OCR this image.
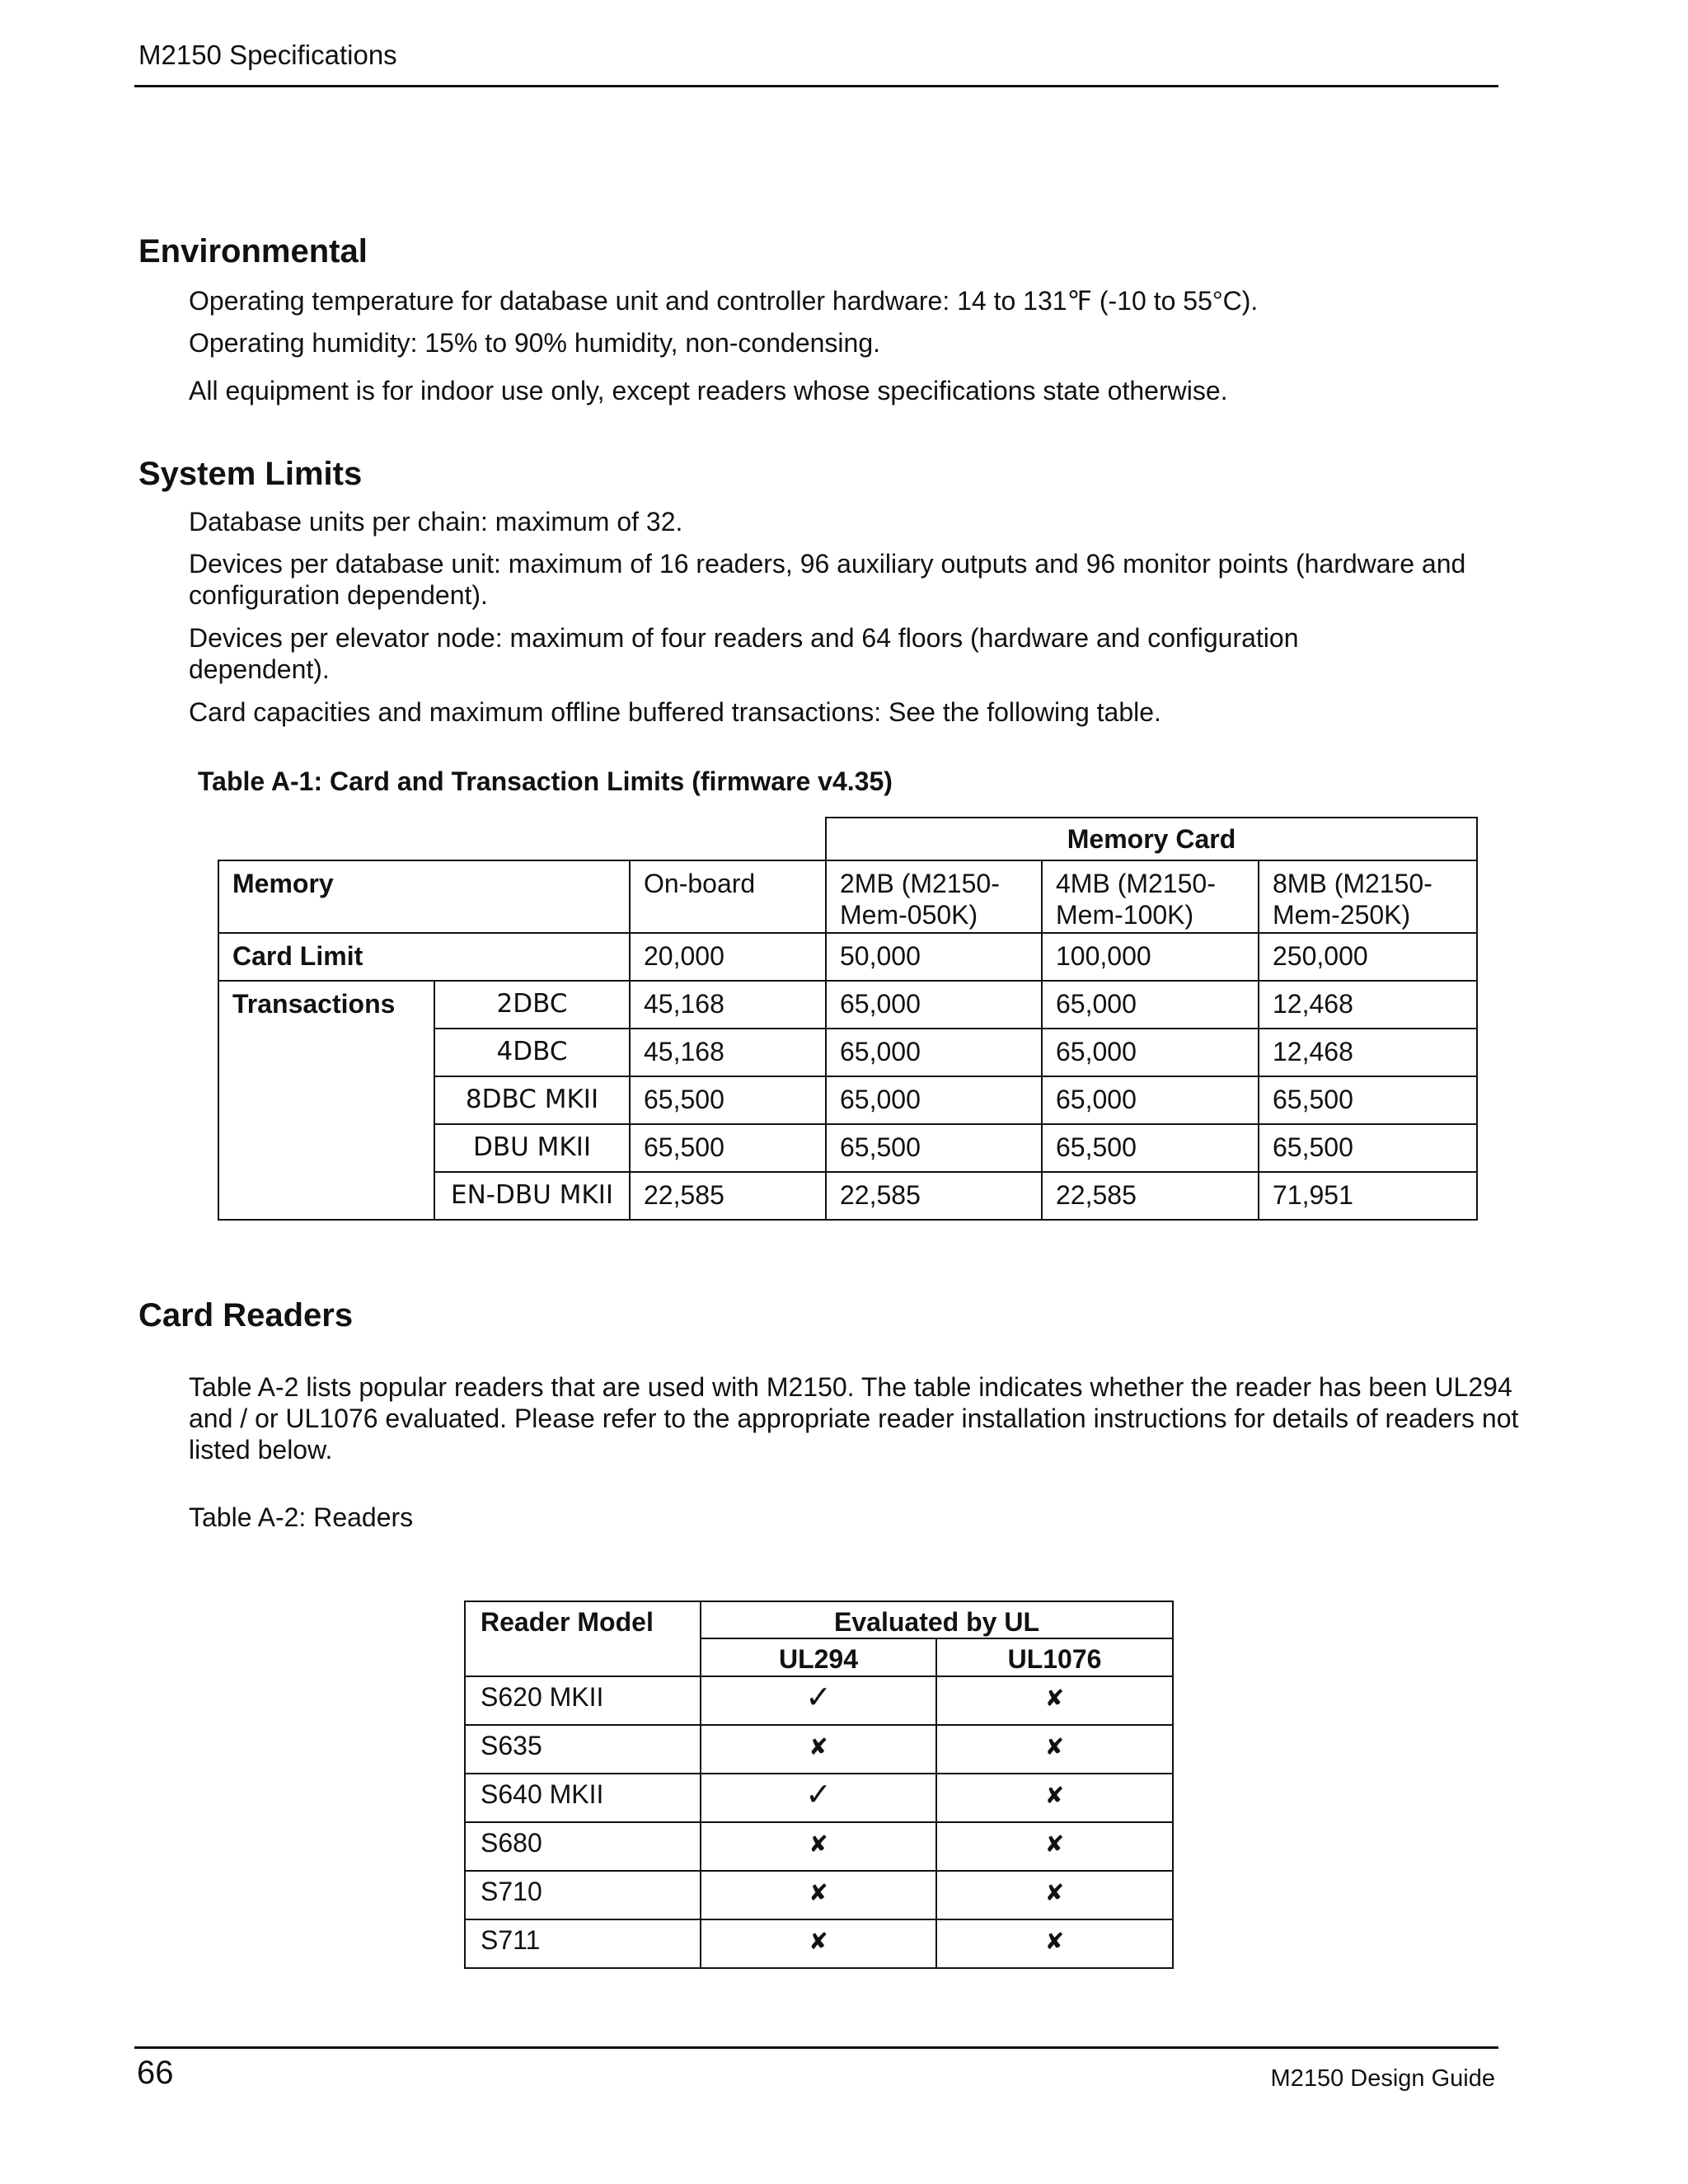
M2150 Specifications
Environmental

Operating temperature for database unit and controller hardware: 14 to 131℉ (-10 to 55°C).

Operating humidity: 15% to 90% humidity, non-condensing.

All equipment is for indoor use only, except readers whose specifications state otherwise.

System Limits

Database units per chain: maximum of 32.

Devices per database unit: maximum of 16 readers, 96 auxiliary outputs and 96 monitor points (hardware and configuration dependent).

Devices per elevator node: maximum of four readers and 64 floors (hardware and configuration dependent).

Card capacities and maximum offline buffered transactions: See the following table.

Table A-1: Card and Transaction Limits (firmware v4.35)
			Memory Card		
Memory		On-board	2MB (M2150-Mem-050K)	4MB (M2150-Mem-100K)	8MB (M2150-Mem-250K)
Card Limit		20,000	50,000	100,000	250,000
Transactions	2DBC	45,168	65,000	65,000	12,468
	4DBC	45,168	65,000	65,000	12,468
	8DBC MKII	65,500	65,000	65,000	65,500
	DBU MKII	65,500	65,500	65,500	65,500
	EN-DBU MKII	22,585	22,585	22,585	71,951
Card Readers

Table A-2 lists popular readers that are used with M2150. The table indicates whether the reader has been UL294 and / or UL1076 evaluated. Please refer to the appropriate reader installation instructions for details of readers not listed below.

Table A-2: Readers
Reader Model	Evaluated by UL	
	UL294	UL1076
S620 MKII	✓	✘
S635	✘	✘
S640 MKII	✓	✘
S680	✘	✘
S710	✘	✘
S711	✘	✘
66	M2150 Design Guide
